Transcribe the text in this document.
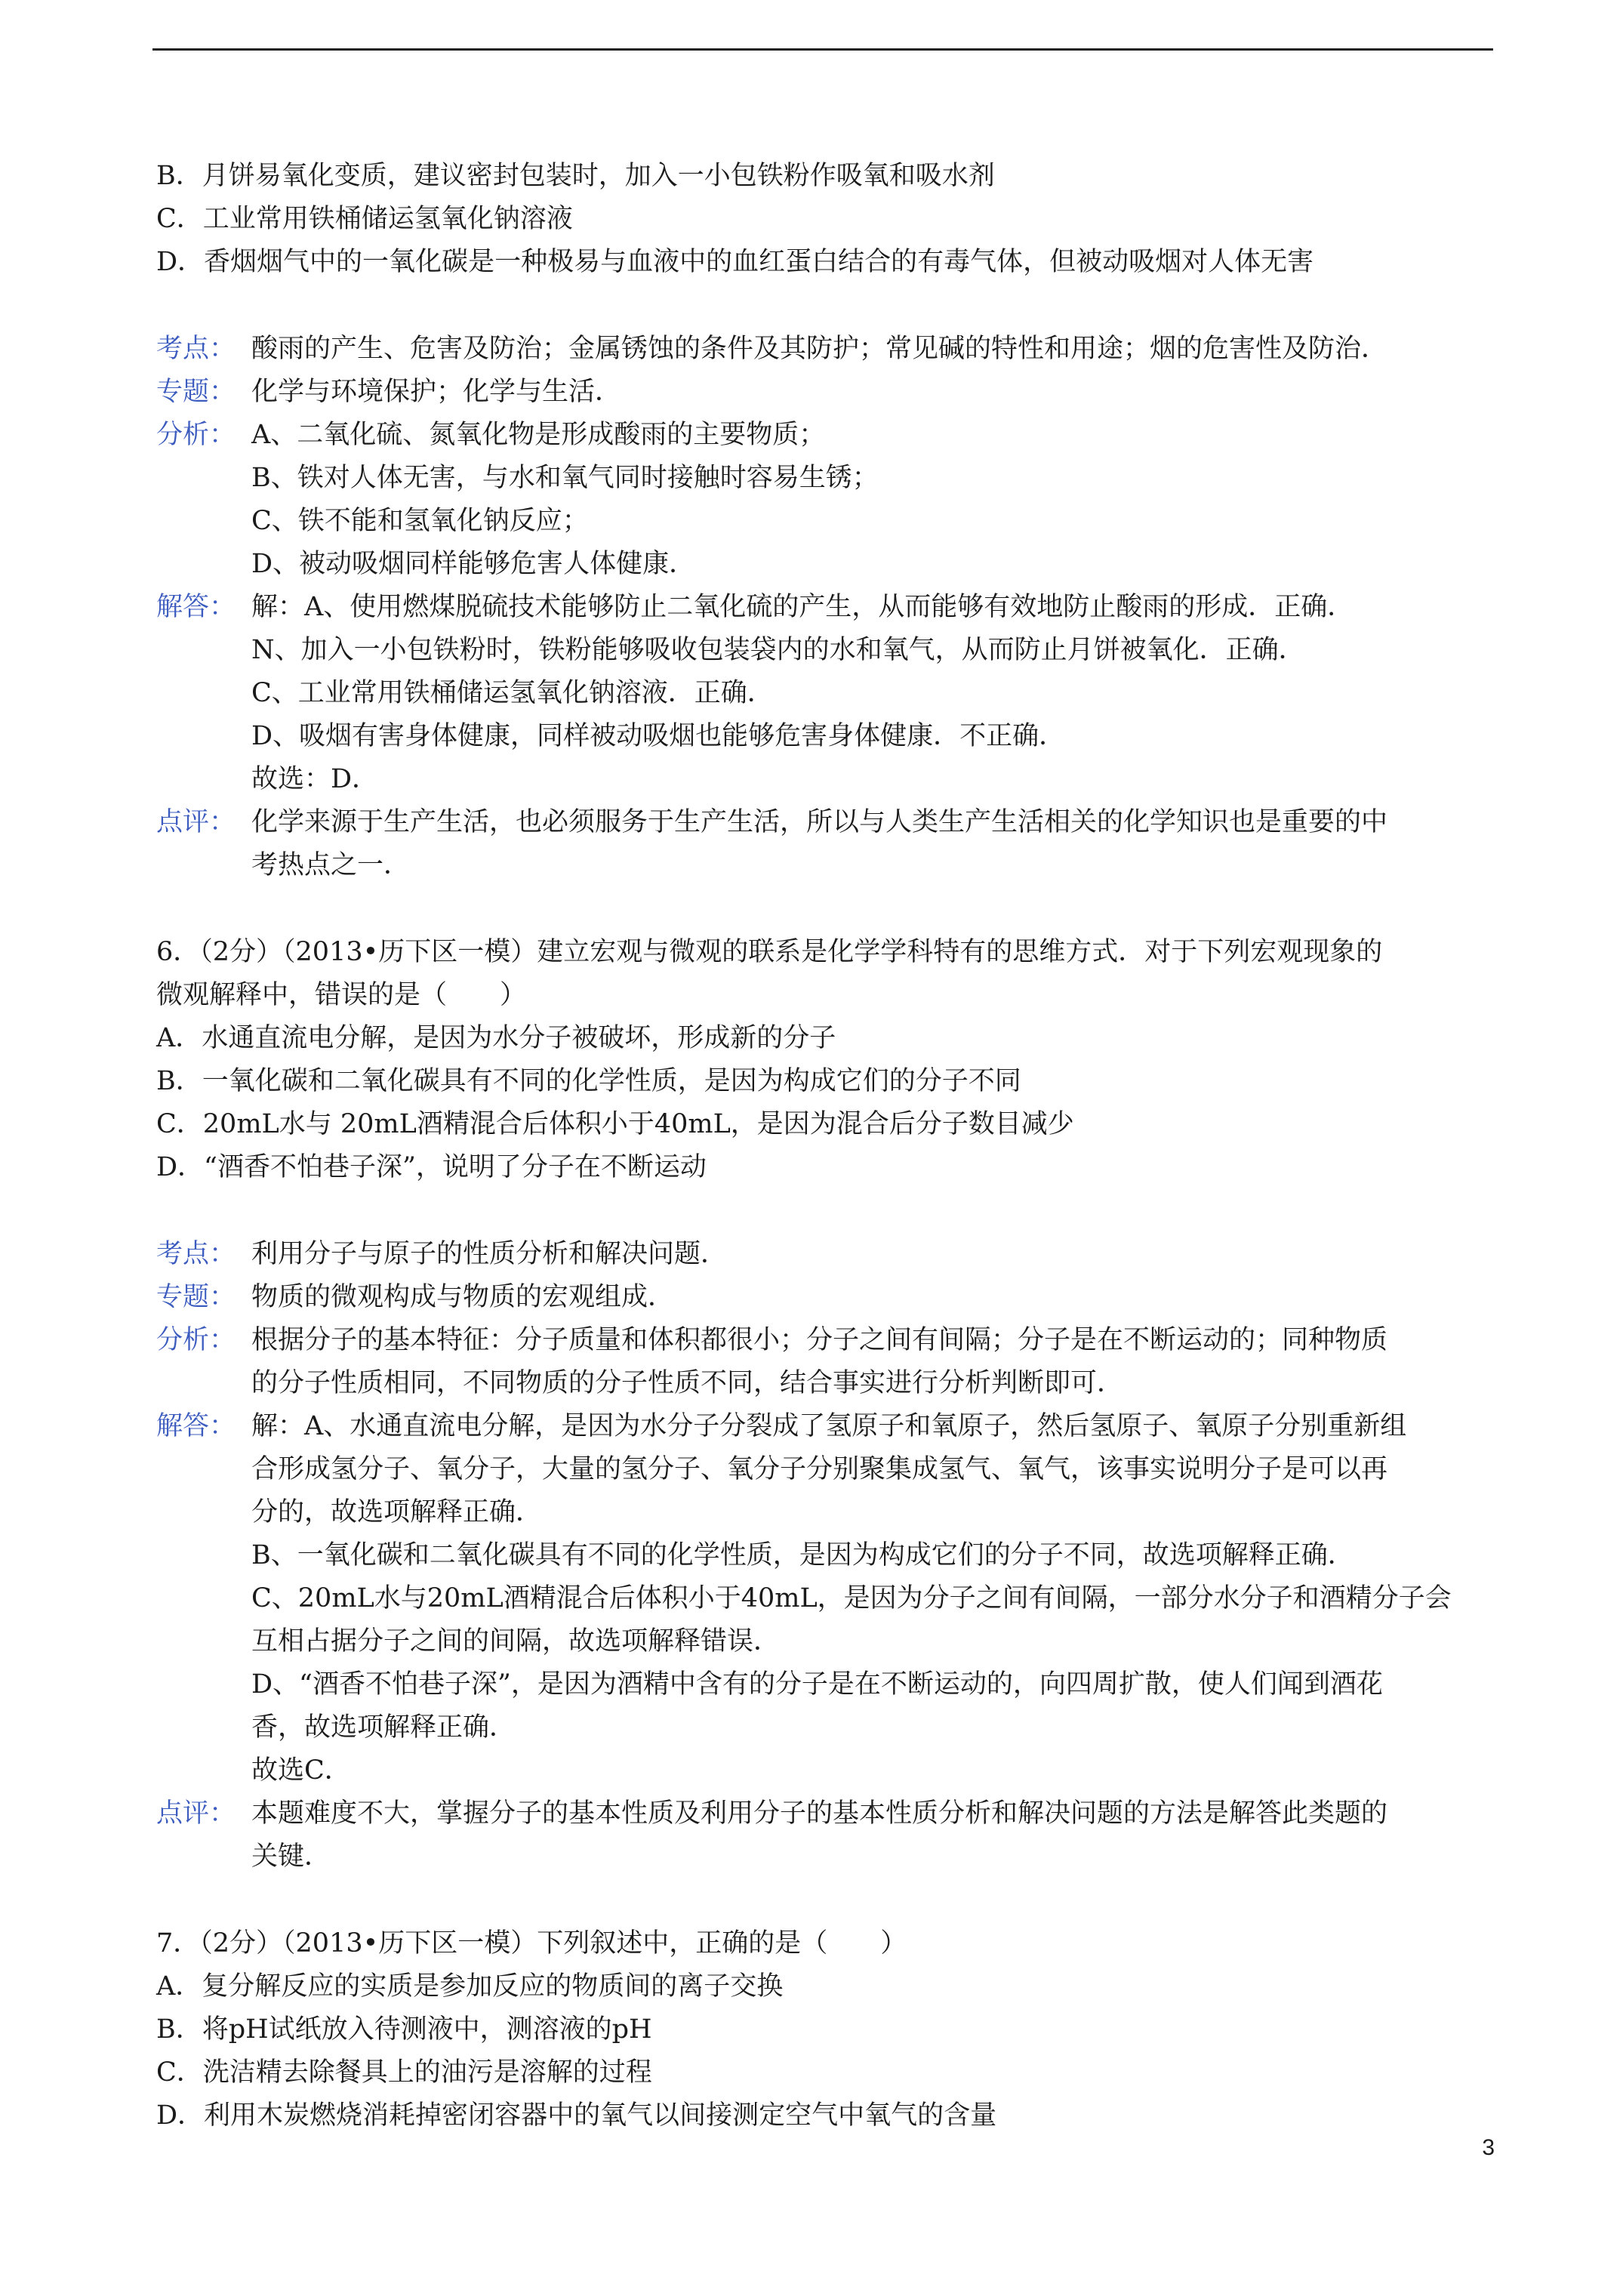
B．月饼易氧化变质，建议密封包装时，加入一小包铁粉作吸氧和吸水剂
C．工业常用铁桶储运氢氧化钠溶液
D．香烟烟气中的一氧化碳是一种极易与血液中的血红蛋白结合的有毒气体，但被动吸烟对人体无害
考点： 酸雨的产生、危害及防治；金属锈蚀的条件及其防护；常见碱的特性和用途；烟的危害性及防治．
专题： 化学与环境保护；化学与生活．
分析： A、二氧化硫、氮氧化物是形成酸雨的主要物质；
B、铁对人体无害，与水和氧气同时接触时容易生锈；
C、铁不能和氢氧化钠反应；
D、被动吸烟同样能够危害人体健康．
解答： 解：A、使用燃煤脱硫技术能够防止二氧化硫的产生，从而能够有效地防止酸雨的形成．正确．
N、加入一小包铁粉时，铁粉能够吸收包装袋内的水和氧气，从而防止月饼被氧化．正确．
C、工业常用铁桶储运氢氧化钠溶液．正确．
D、吸烟有害身体健康，同样被动吸烟也能够危害身体健康．不正确．
故选：D．
点评： 化学来源于生产生活，也必须服务于生产生活，所以与人类生产生活相关的化学知识也是重要的中
考热点之一．
6．（2分）（2013•历下区一模）建立宏观与微观的联系是化学学科特有的思维方式．对于下列宏观现象的
微观解释中，错误的是（　　）
A．水通直流电分解，是因为水分子被破坏，形成新的分子
B．一氧化碳和二氧化碳具有不同的化学性质，是因为构成它们的分子不同
C．20mL水与 20mL酒精混合后体积小于40mL，是因为混合后分子数目减少
D．“酒香不怕巷子深”，说明了分子在不断运动
考点： 利用分子与原子的性质分析和解决问题．
专题： 物质的微观构成与物质的宏观组成．
分析： 根据分子的基本特征：分子质量和体积都很小；分子之间有间隔；分子是在不断运动的；同种物质
的分子性质相同，不同物质的分子性质不同，结合事实进行分析判断即可．
解答： 解：A、水通直流电分解，是因为水分子分裂成了氢原子和氧原子，然后氢原子、氧原子分别重新组
合形成氢分子、氧分子，大量的氢分子、氧分子分别聚集成氢气、氧气，该事实说明分子是可以再
分的，故选项解释正确．
B、一氧化碳和二氧化碳具有不同的化学性质，是因为构成它们的分子不同，故选项解释正确．
C、20mL水与20mL酒精混合后体积小于40mL，是因为分子之间有间隔，一部分水分子和酒精分子会
互相占据分子之间的间隔，故选项解释错误．
D、“酒香不怕巷子深”，是因为酒精中含有的分子是在不断运动的，向四周扩散，使人们闻到酒花
香，故选项解释正确．
故选C．
点评： 本题难度不大，掌握分子的基本性质及利用分子的基本性质分析和解决问题的方法是解答此类题的
关键．
7．（2分）（2013•历下区一模）下列叙述中，正确的是（　　）
A．复分解反应的实质是参加反应的物质间的离子交换
B．将pH试纸放入待测液中，测溶液的pH
C．洗洁精去除餐具上的油污是溶解的过程
D．利用木炭燃烧消耗掉密闭容器中的氧气以间接测定空气中氧气的含量
3
